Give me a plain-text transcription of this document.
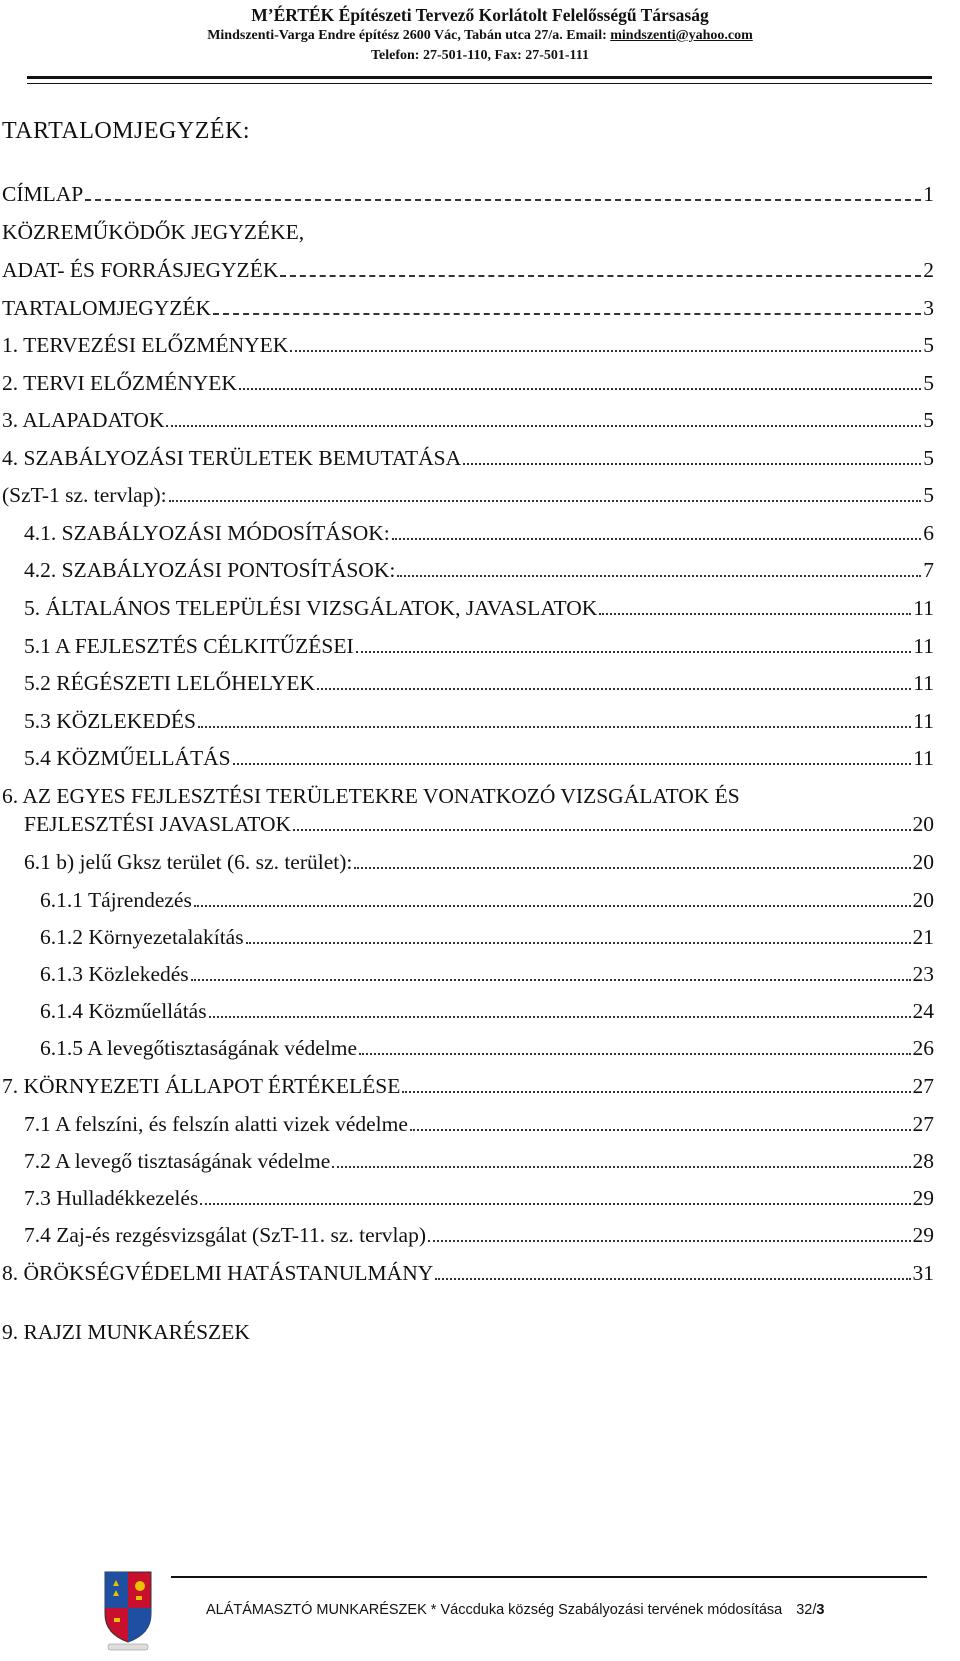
M’ÉRTÉK Építészeti Tervező Korlátolt Felelősségű Társaság
Mindszenti-Varga Endre építész 2600 Vác, Tabán utca 27/a. Email: mindszenti@yahoo.com
Telefon: 27-501-110, Fax: 27-501-111
TARTALOMJEGYZÉK:
CÍMLAP	1
KÖZREMŰKÖDŐK JEGYZÉKE,
ADAT- ÉS FORRÁSJEGYZÉK	2
TARTALOMJEGYZÉK	3
1. TERVEZÉSI ELŐZMÉNYEK	5
2. TERVI ELŐZMÉNYEK	5
3. ALAPADATOK	5
4. SZABÁLYOZÁSI TERÜLETEK BEMUTATÁSA	5
(SzT-1 sz. tervlap):	5
4.1. SZABÁLYOZÁSI MÓDOSÍTÁSOK:	6
4.2. SZABÁLYOZÁSI PONTOSÍTÁSOK:	7
5. ÁLTALÁNOS TELEPÜLÉSI VIZSGÁLATOK, JAVASLATOK	11
5.1 A FEJLESZTÉS CÉLKITŰZÉSEI	11
5.2 RÉGÉSZETI LELŐHELYEK	11
5.3 KÖZLEKEDÉS	11
5.4 KÖZMŰELLÁTÁS	11
6. AZ EGYES FEJLESZTÉSI TERÜLETEKRE VONATKOZÓ VIZSGÁLATOK ÉS
FEJLESZTÉSI JAVASLATOK	20
6.1 b) jelű Gksz terület (6. sz. terület):	20
6.1.1 Tájrendezés	20
6.1.2 Környezetalakítás	21
6.1.3 Közlekedés	23
6.1.4 Közműellátás	24
6.1.5 A levegőtisztaságának védelme	26
7. KÖRNYEZETI ÁLLAPOT ÉRTÉKELÉSE	27
7.1 A felszíni, és felszín alatti vizek védelme	27
7.2 A levegő tisztaságának védelme	28
7.3 Hulladékkezelés	29
7.4 Zaj-és rezgésvizsgálat (SzT-11. sz. tervlap)	29
8. ÖRÖKSÉGVÉDELMI HATÁSTANULMÁNY	31
9. RAJZI MUNKARÉSZEK
ALÁTÁMASZTÓ MUNKARÉSZEK * Váccduka község Szabályozási tervének módosítása 32/3
